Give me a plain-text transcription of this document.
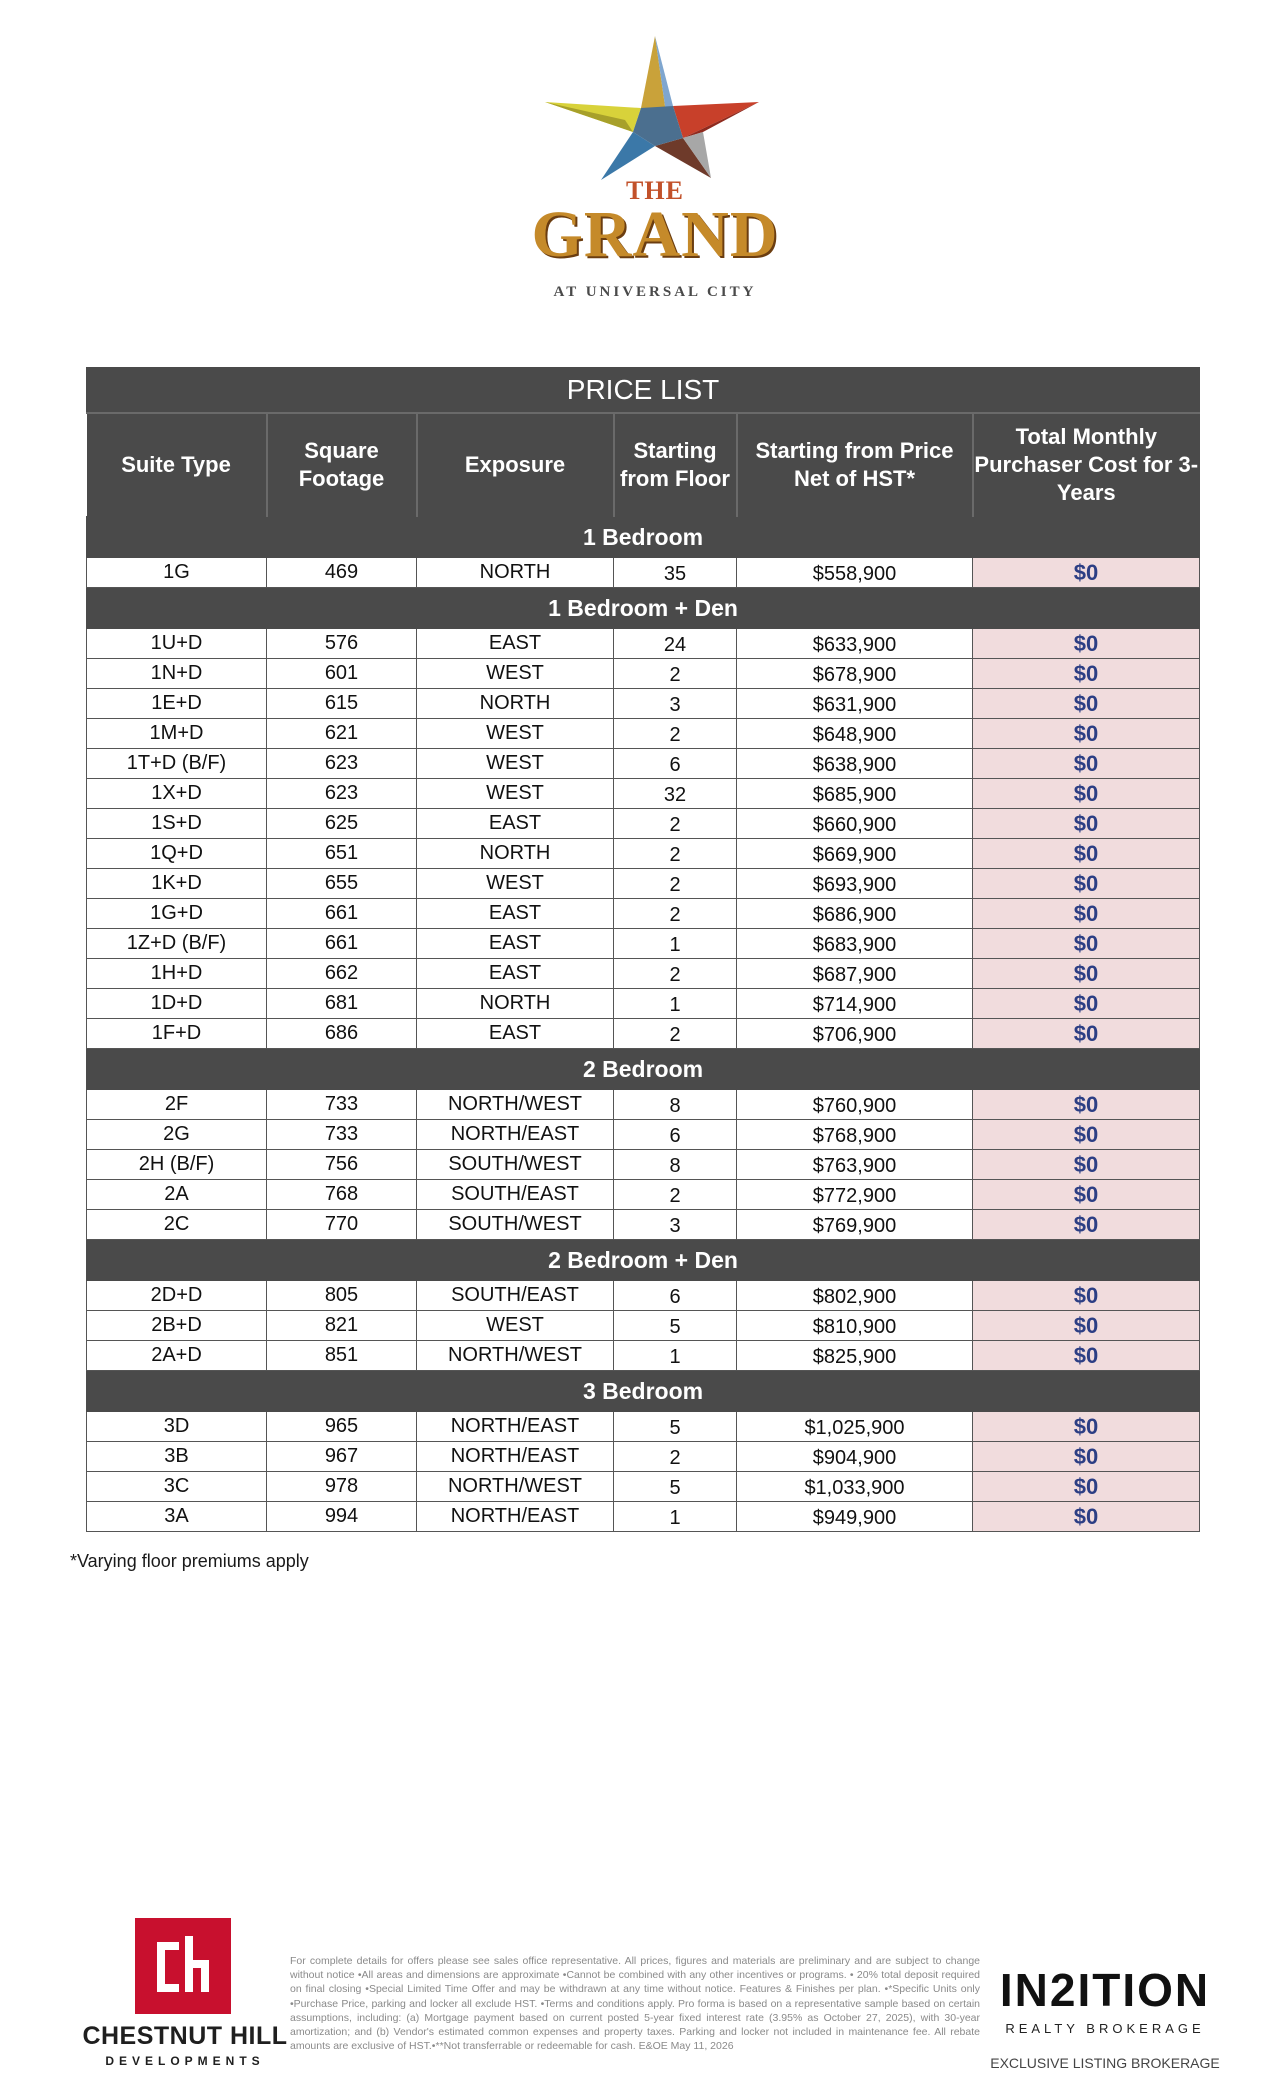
THE
GRAND
AT UNIVERSAL CITY
PRICE LIST					
Suite Type	Square Footage	Exposure	Starting from Floor	Starting from Price Net of HST*	Total Monthly Purchaser Cost for 3-Years
1 Bedroom					
1G	469	NORTH	35	$558,900	$0
1 Bedroom + Den					
1U+D	576	EAST	24	$633,900	$0
1N+D	601	WEST	2	$678,900	$0
1E+D	615	NORTH	3	$631,900	$0
1M+D	621	WEST	2	$648,900	$0
1T+D (B/F)	623	WEST	6	$638,900	$0
1X+D	623	WEST	32	$685,900	$0
1S+D	625	EAST	2	$660,900	$0
1Q+D	651	NORTH	2	$669,900	$0
1K+D	655	WEST	2	$693,900	$0
1G+D	661	EAST	2	$686,900	$0
1Z+D (B/F)	661	EAST	1	$683,900	$0
1H+D	662	EAST	2	$687,900	$0
1D+D	681	NORTH	1	$714,900	$0
1F+D	686	EAST	2	$706,900	$0
2 Bedroom					
2F	733	NORTH/WEST	8	$760,900	$0
2G	733	NORTH/EAST	6	$768,900	$0
2H (B/F)	756	SOUTH/WEST	8	$763,900	$0
2A	768	SOUTH/EAST	2	$772,900	$0
2C	770	SOUTH/WEST	3	$769,900	$0
2 Bedroom + Den					
2D+D	805	SOUTH/EAST	6	$802,900	$0
2B+D	821	WEST	5	$810,900	$0
2A+D	851	NORTH/WEST	1	$825,900	$0
3 Bedroom					
3D	965	NORTH/EAST	5	$1,025,900	$0
3B	967	NORTH/EAST	2	$904,900	$0
3C	978	NORTH/WEST	5	$1,033,900	$0
3A	994	NORTH/EAST	1	$949,900	$0
*Varying floor premiums apply
CHESTNUT HILL
DEVELOPMENTS
For complete details for offers please see sales office representative. All prices, figures and materials are preliminary and are subject to change without notice •All areas and dimensions are approximate •Cannot be combined with any other incentives or programs. • 20% total deposit required on final closing •Special Limited Time Offer and may be withdrawn at any time without notice. Features & Finishes per plan. •*Specific Units only •Purchase Price, parking and locker all exclude HST. •Terms and conditions apply. Pro forma is based on a representative sample based on certain assumptions, including: (a) Mortgage payment based on current posted 5-year fixed interest rate (3.95% as October 27, 2025), with 30-year amortization; and (b) Vendor's estimated common expenses and property taxes. Parking and locker not included in maintenance fee. All rebate amounts are exclusive of HST.•**Not transferrable or redeemable for cash. E&OE May 11, 2026
IN2ITION
REALTY BROKERAGE
EXCLUSIVE LISTING BROKERAGE
